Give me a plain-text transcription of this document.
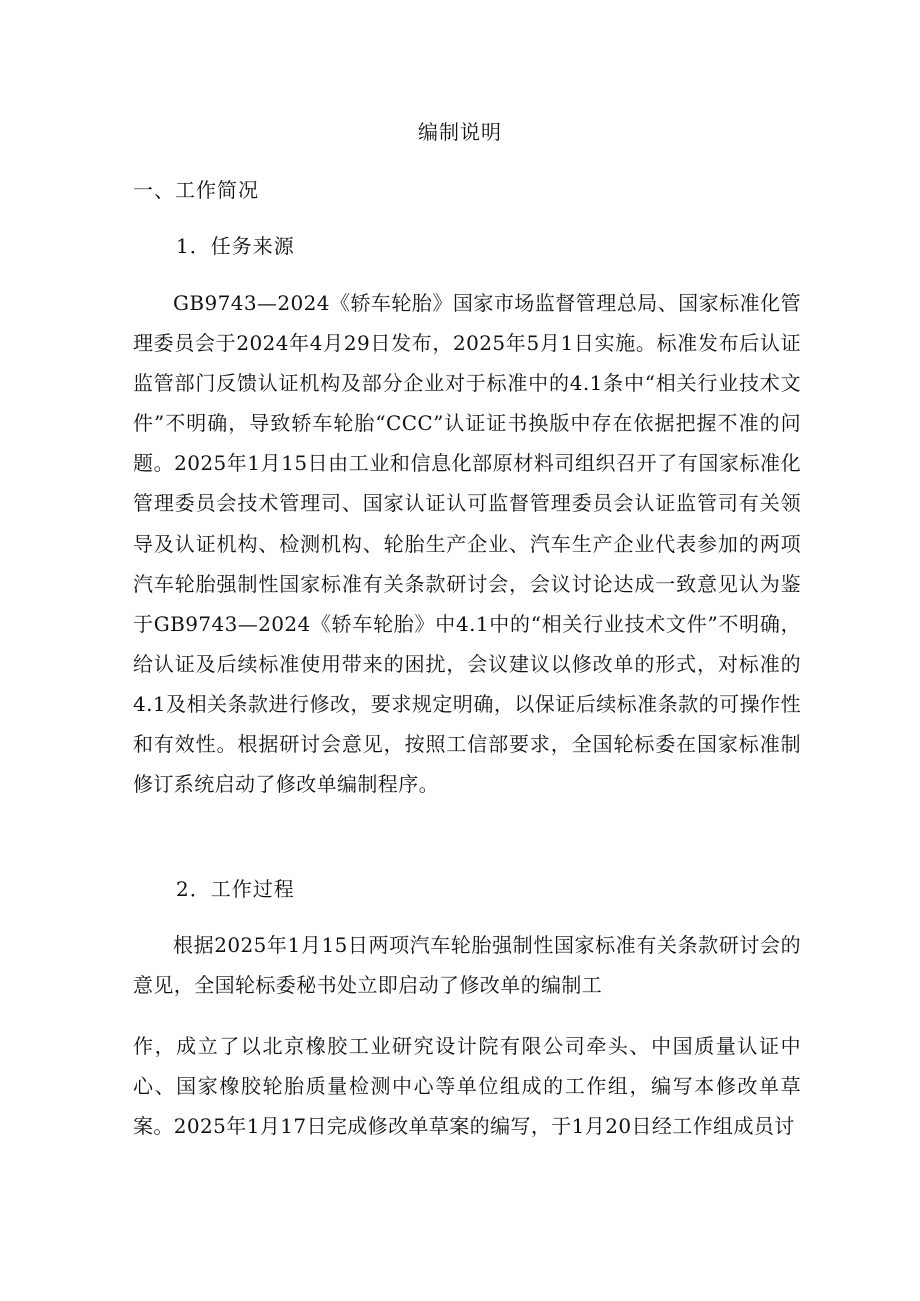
编制说明
一、工作简况
1．任务来源

GB9743—2024《轿车轮胎》国家市场监督管理总局、国家标准化管理委员会于2024年4月29日发布，2025年5月1日实施。标准发布后认证监管部门反馈认证机构及部分企业对于标准中的4.1条中“相关行业技术文件”不明确，导致轿车轮胎“CCC”认证证书换版中存在依据把握不准的问题。2025年1月15日由工业和信息化部原材料司组织召开了有国家标准化管理委员会技术管理司、国家认证认可监督管理委员会认证监管司有关领导及认证机构、检测机构、轮胎生产企业、汽车生产企业代表参加的两项汽车轮胎强制性国家标准有关条款研讨会，会议讨论达成一致意见认为鉴于GB9743—2024《轿车轮胎》中4.1中的“相关行业技术文件”不明确，给认证及后续标准使用带来的困扰，会议建议以修改单的形式，对标准的4.1及相关条款进行修改，要求规定明确，以保证后续标准条款的可操作性和有效性。根据研讨会意见，按照工信部要求，全国轮标委在国家标准制修订系统启动了修改单编制程序。

2．工作过程

根据2025年1月15日两项汽车轮胎强制性国家标准有关条款研讨会的意见，全国轮标委秘书处立即启动了修改单的编制工

作，成立了以北京橡胶工业研究设计院有限公司牵头、中国质量认证中心、国家橡胶轮胎质量检测中心等单位组成的工作组，编写本修改单草案。2025年1月17日完成修改单草案的编写，于1月20日经工作组成员讨
